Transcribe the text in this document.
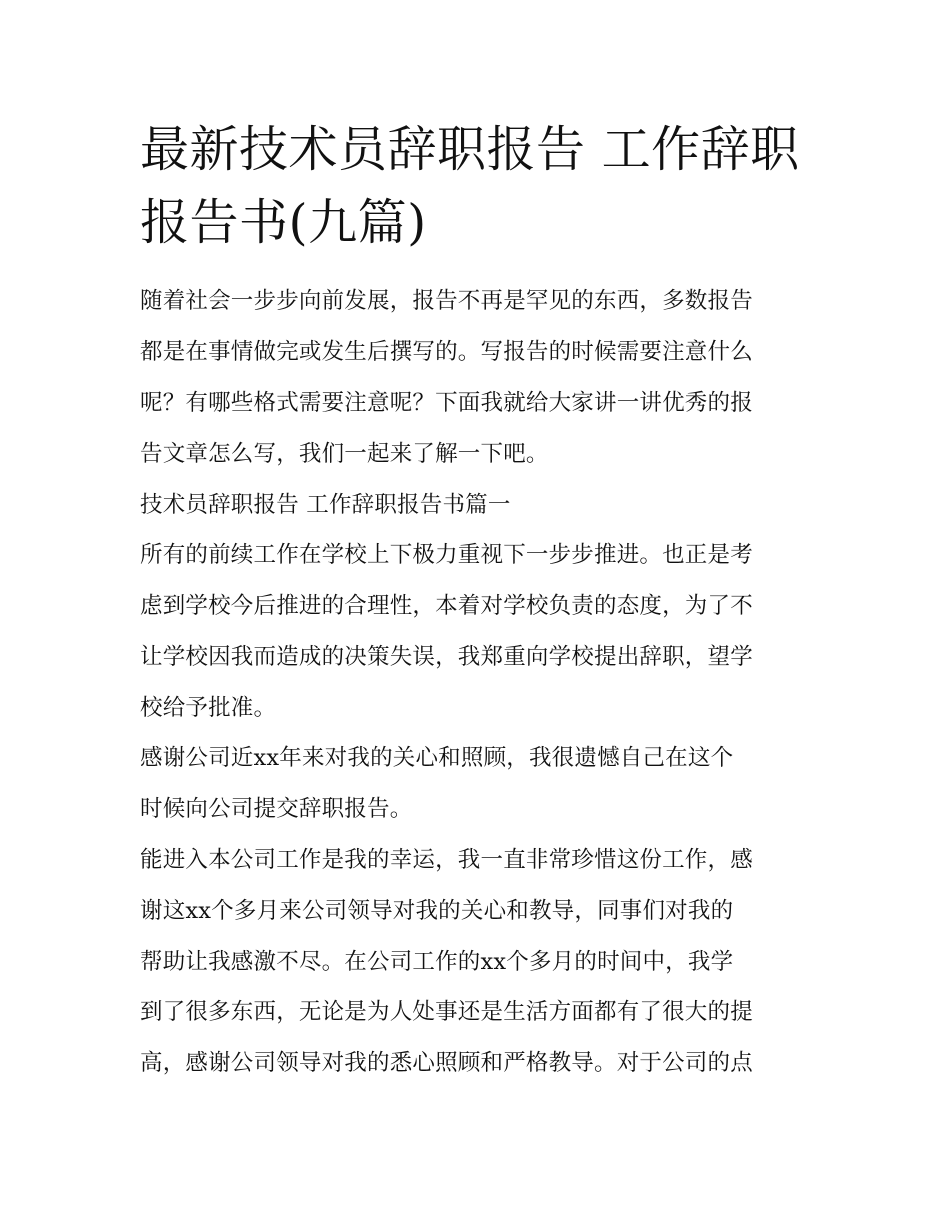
最新技术员辞职报告 工作辞职报告书(九篇)

随着社会一步步向前发展，报告不再是罕见的东西，多数报告

都是在事情做完或发生后撰写的。写报告的时候需要注意什么

呢？有哪些格式需要注意呢？下面我就给大家讲一讲优秀的报

告文章怎么写，我们一起来了解一下吧。

技术员辞职报告 工作辞职报告书篇一

所有的前续工作在学校上下极力重视下一步步推进。也正是考

虑到学校今后推进的合理性，本着对学校负责的态度，为了不

让学校因我而造成的决策失误，我郑重向学校提出辞职，望学

校给予批准。

感谢公司近xx年来对我的关心和照顾，我很遗憾自己在这个

时候向公司提交辞职报告。

能进入本公司工作是我的幸运，我一直非常珍惜这份工作，感

谢这xx个多月来公司领导对我的关心和教导，同事们对我的

帮助让我感激不尽。在公司工作的xx个多月的时间中，我学

到了很多东西，无论是为人处事还是生活方面都有了很大的提

高，感谢公司领导对我的悉心照顾和严格教导。对于公司的点
